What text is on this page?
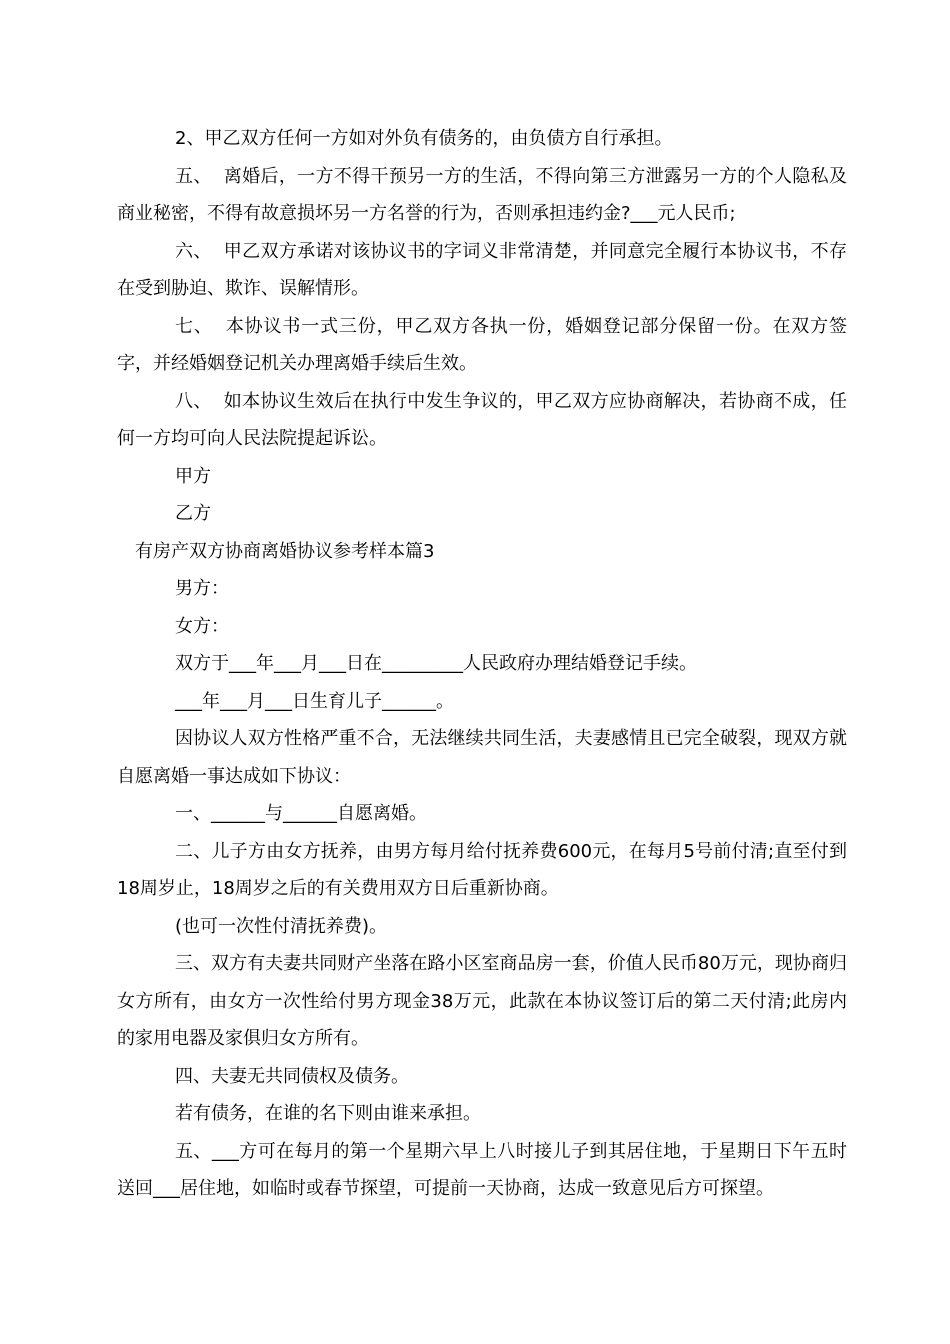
2、甲乙双方任何一方如对外负有债务的，由负债方自行承担。

五、  离婚后，一方不得干预另一方的生活，不得向第三方泄露另一方的个人隐私及商业秘密，不得有故意损坏另一方名誉的行为，否则承担违约金?___元人民币;

六、  甲乙双方承诺对该协议书的字词义非常清楚，并同意完全履行本协议书，不存在受到胁迫、欺诈、误解情形。

七、  本协议书一式三份，甲乙双方各执一份，婚姻登记部分保留一份。在双方签字，并经婚姻登记机关办理离婚手续后生效。

八、  如本协议生效后在执行中发生争议的，甲乙双方应协商解决，若协商不成，任何一方均可向人民法院提起诉讼。

甲方

乙方

有房产双方协商离婚协议参考样本篇3

男方：

女方：

双方于___年___月___日在_________人民政府办理结婚登记手续。

___年___月___日生育儿子______。

因协议人双方性格严重不合，无法继续共同生活，夫妻感情且已完全破裂，现双方就自愿离婚一事达成如下协议：

一、______与______自愿离婚。

二、儿子方由女方抚养，由男方每月给付抚养费600元，在每月5号前付清;直至付到18周岁止，18周岁之后的有关费用双方日后重新协商。

(也可一次性付清抚养费)。

三、双方有夫妻共同财产坐落在路小区室商品房一套，价值人民币80万元，现协商归女方所有，由女方一次性给付男方现金38万元，此款在本协议签订后的第二天付清;此房内的家用电器及家俱归女方所有。

四、夫妻无共同债权及债务。

若有债务，在谁的名下则由谁来承担。

五、___方可在每月的第一个星期六早上八时接儿子到其居住地，于星期日下午五时送回___居住地，如临时或春节探望，可提前一天协商，达成一致意见后方可探望。
